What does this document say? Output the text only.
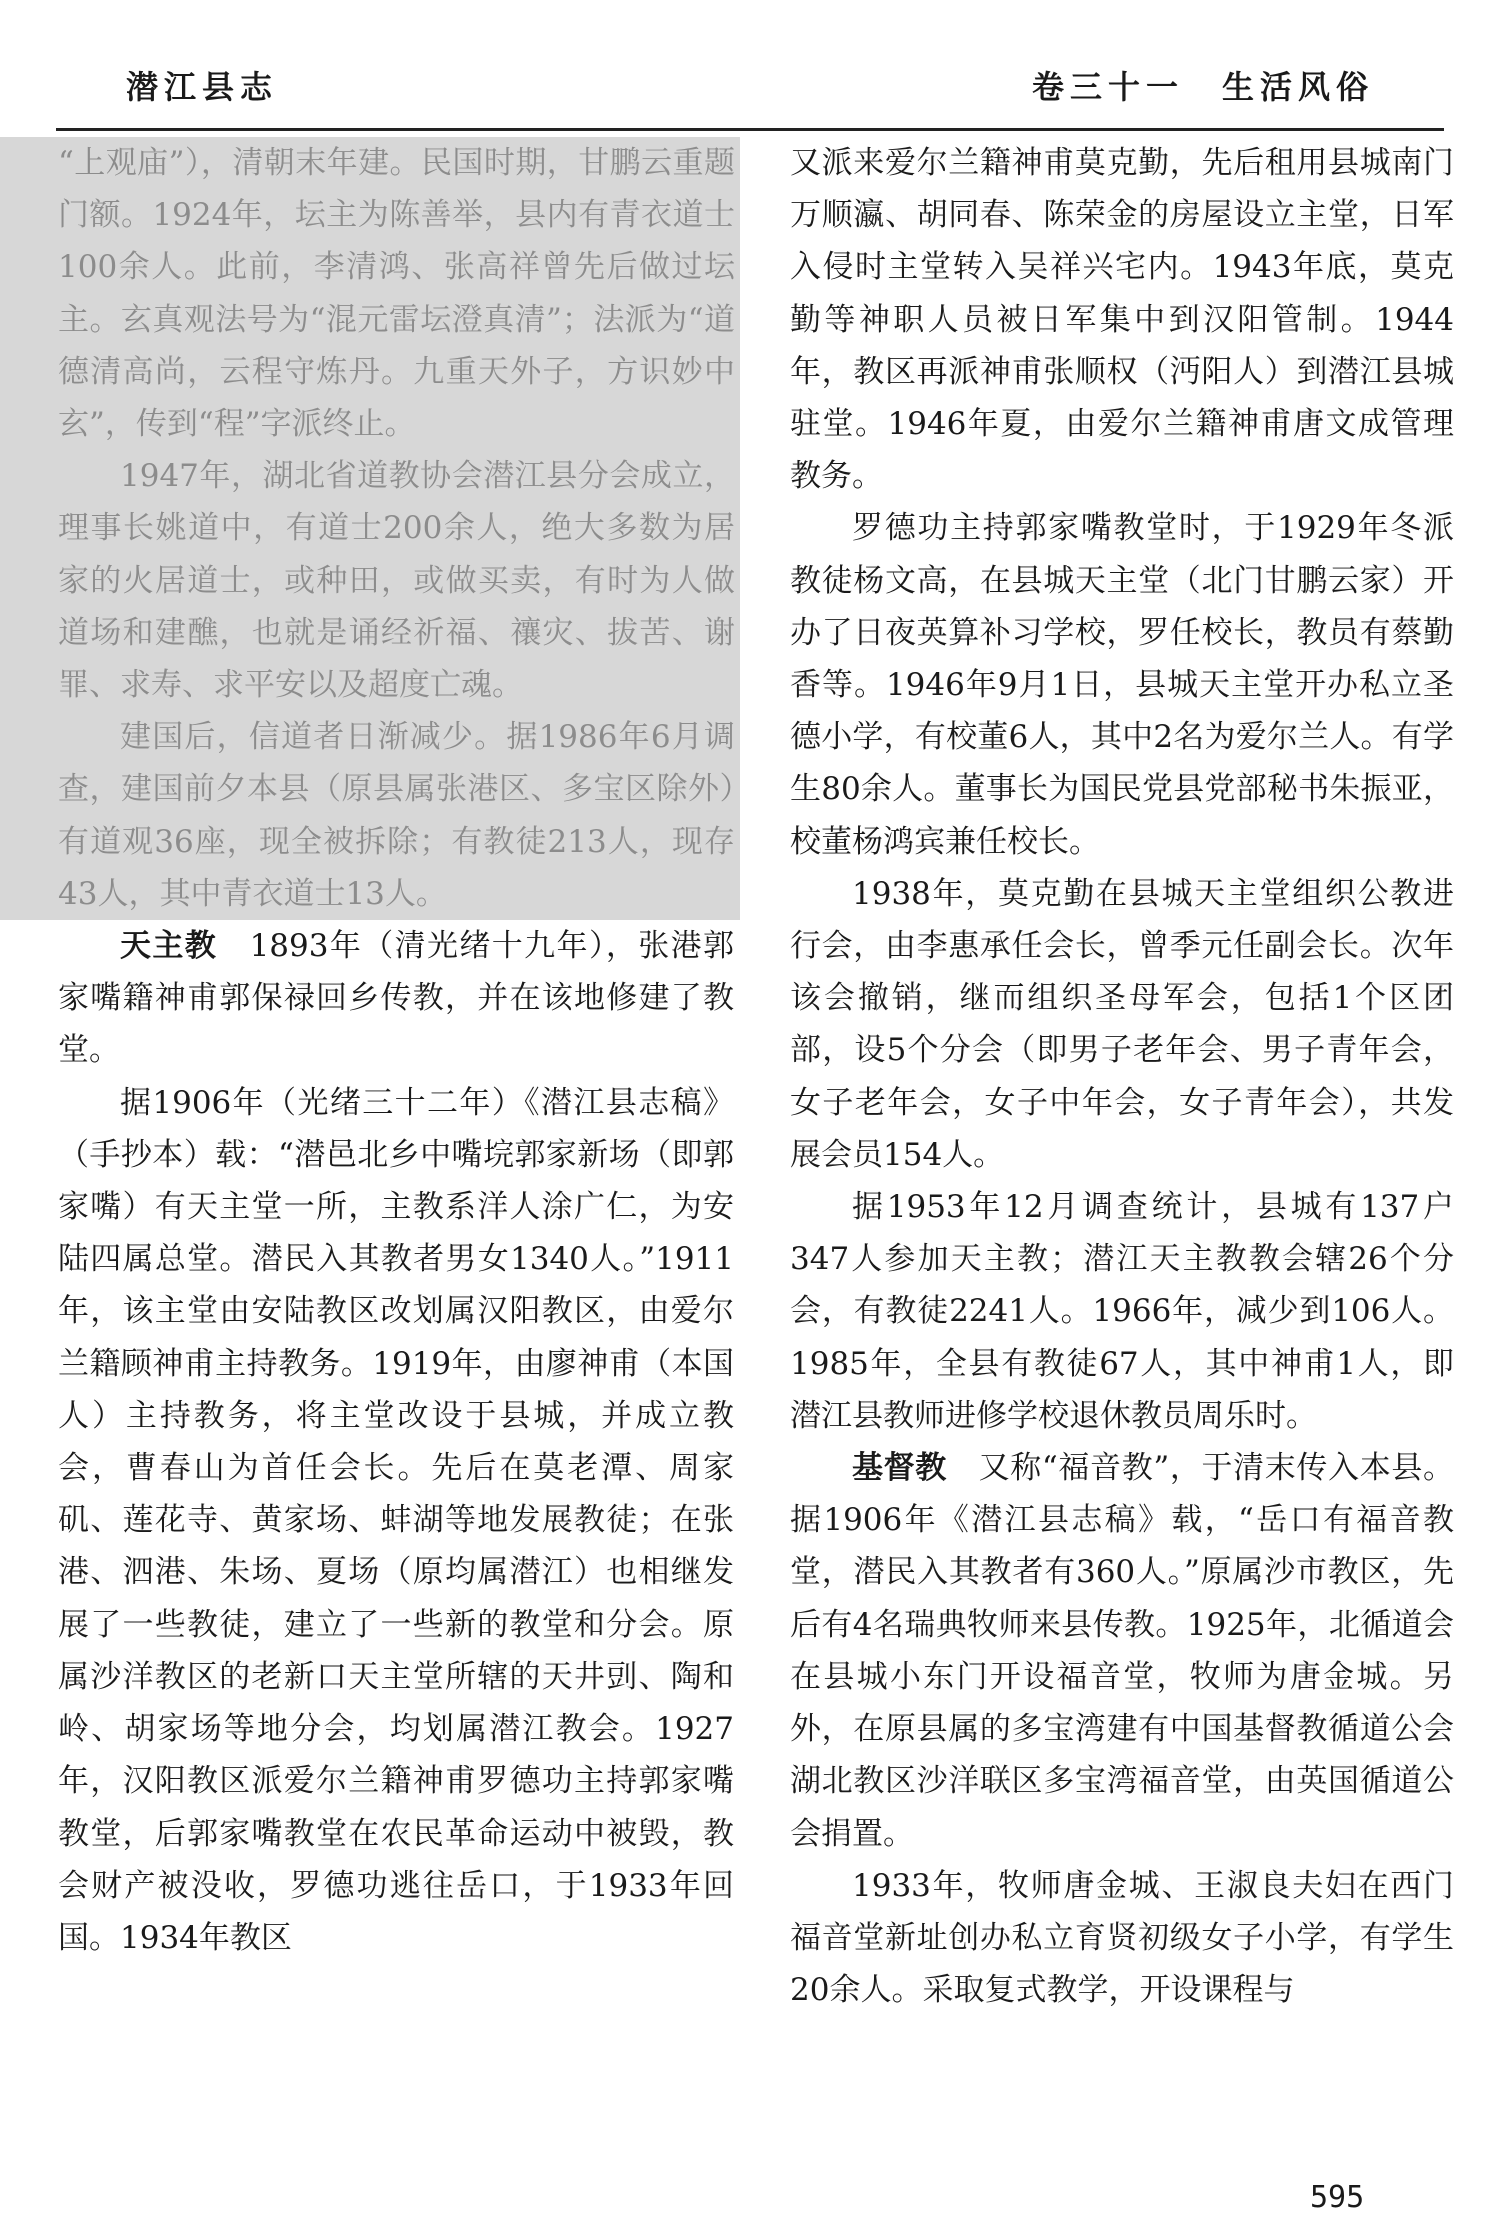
潜江县志	卷三十一　生活风俗

“上观庙”），清朝末年建。民国时期，甘鹏云重题门额。1924年，坛主为陈善举，县内有青衣道士100余人。此前，李清鸿、张高祥曾先后做过坛主。玄真观法号为“混元雷坛澄真清”；法派为“道德清高尚，云程守炼丹。九重天外子，方识妙中玄”，传到“程”字派终止。

1947年，湖北省道教协会潜江县分会成立，理事长姚道中，有道士200余人，绝大多数为居家的火居道士，或种田，或做买卖，有时为人做道场和建醮，也就是诵经祈福、禳灾、拔苦、谢罪、求寿、求平安以及超度亡魂。

建国后，信道者日渐减少。据1986年6月调查，建国前夕本县（原县属张港区、多宝区除外）有道观36座，现全被拆除；有教徒213人，现存43人，其中青衣道士13人。

天主教　 1893年（清光绪十九年），张港郭家嘴籍神甫郭保禄回乡传教，并在该地修建了教堂。

据1906年（光绪三十二年）《潜江县志稿》（手抄本）载：“潜邑北乡中嘴垸郭家新场（即郭家嘴）有天主堂一所，主教系洋人涂广仁，为安陆四属总堂。潜民入其教者男女1340人。”1911年，该主堂由安陆教区改划属汉阳教区，由爱尔兰籍顾神甫主持教务。1919年，由廖神甫（本国人）主持教务，将主堂改设于县城，并成立教会，曹春山为首任会长。先后在莫老潭、周家矶、莲花寺、黄家场、蚌湖等地发展教徒；在张港、泗港、朱场、夏场（原均属潜江）也相继发展了一些教徒，建立了一些新的教堂和分会。原属沙洋教区的老新口天主堂所辖的天井剅、陶和岭、胡家场等地分会，均划属潜江教会。1927年，汉阳教区派爱尔兰籍神甫罗德功主持郭家嘴教堂，后郭家嘴教堂在农民革命运动中被毁，教会财产被没收，罗德功逃往岳口，于1933年回国。1934年教区

又派来爱尔兰籍神甫莫克勤，先后租用县城南门万顺瀛、胡同春、陈荣金的房屋设立主堂，日军入侵时主堂转入吴祥兴宅内。1943年底，莫克勤等神职人员被日军集中到汉阳管制。1944年，教区再派神甫张顺权（沔阳人）到潜江县城驻堂。1946年夏，由爱尔兰籍神甫唐文成管理教务。

罗德功主持郭家嘴教堂时，于1929年冬派教徒杨文高，在县城天主堂（北门甘鹏云家）开办了日夜英算补习学校，罗任校长，教员有蔡勤香等。1946年9月1日，县城天主堂开办私立圣德小学，有校董6人，其中2名为爱尔兰人。有学生80余人。董事长为国民党县党部秘书朱振亚，校董杨鸿宾兼任校长。

1938年，莫克勤在县城天主堂组织公教进行会，由李惠承任会长，曾季元任副会长。次年该会撤销，继而组织圣母军会，包括1个区团部，设5个分会（即男子老年会、男子青年会，女子老年会，女子中年会，女子青年会），共发展会员154人。

据1953年12月调查统计，县城有137户347人参加天主教；潜江天主教教会辖26个分会，有教徒2241人。1966年，减少到106人。1985年，全县有教徒67人，其中神甫1人，即潜江县教师进修学校退休教员周乐时。

基督教　 又称“福音教”，于清末传入本县。据1906年《潜江县志稿》载，“岳口有福音教堂，潜民入其教者有360人。”原属沙市教区，先后有4名瑞典牧师来县传教。1925年，北循道会在县城小东门开设福音堂，牧师为唐金城。另外，在原县属的多宝湾建有中国基督教循道公会湖北教区沙洋联区多宝湾福音堂，由英国循道公会捐置。

1933年，牧师唐金城、王淑良夫妇在西门福音堂新址创办私立育贤初级女子小学，有学生20余人。采取复式教学，开设课程与

595
